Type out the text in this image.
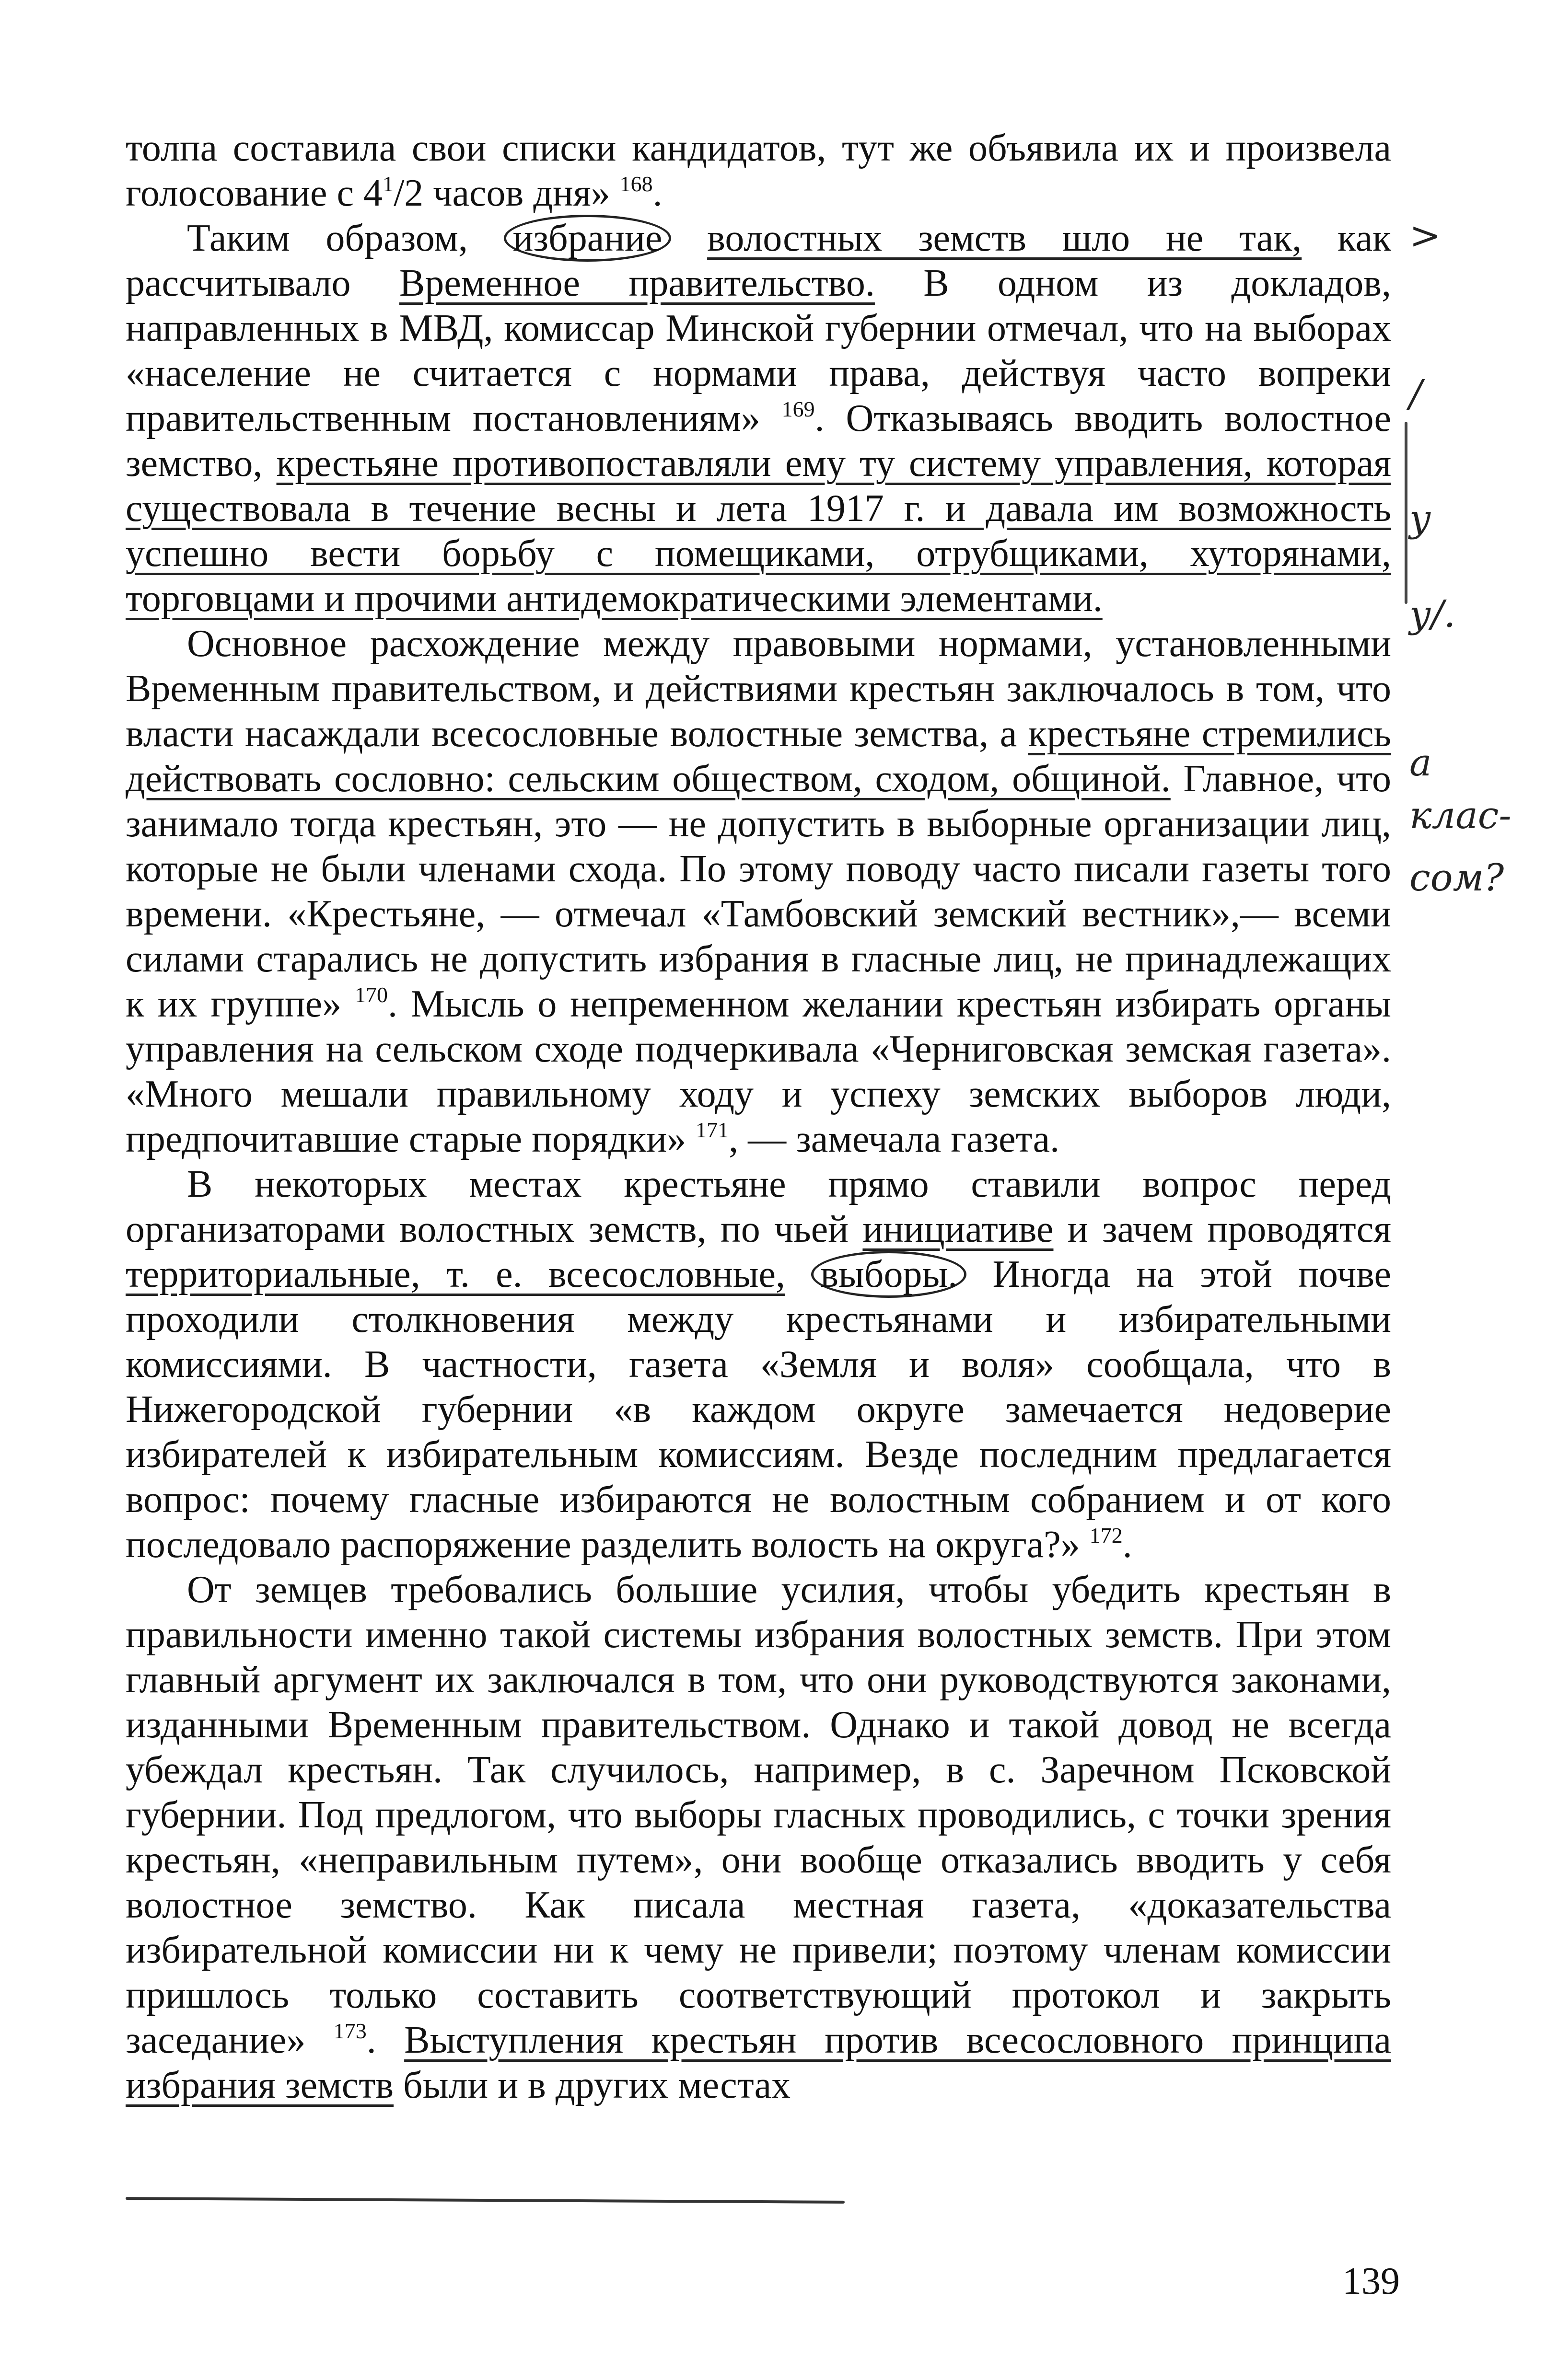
толпа составила свои списки кандидатов, тут же объявила их и произвела голосование с $4^1/2$ часов дня» $^{168}$.

Таким образом, избрание волостных земств шло не так, как рассчитывало Временное правительство. В одном из докладов, направленных в МВД, комиссар Минской губернии отмечал, что на выборах «население не считается с нормами права, действуя часто вопреки правительственным постановлениям» $^{169}$. Отказываясь вводить волостное земство, крестьяне противопоставляли ему ту систему управления, которая существовала в течение весны и лета 1917 г. и давала им возможность успешно вести борьбу с помещиками, отрубщиками, хуторянами, торговцами и прочими антидемократическими элементами.

Основное расхождение между правовыми нормами, установленными Временным правительством, и действиями крестьян заключалось в том, что власти насаждали всесословные волостные земства, а крестьяне стремились действовать сословно: сельским обществом, сходом, общиной. Главное, что занимало тогда крестьян, это — не допустить в выборные организации лиц, которые не были членами схода. По этому поводу часто писали газеты того времени. «Крестьяне, — отмечал «Тамбовский земский вестник»,— всеми силами старались не допустить избрания в гласные лиц, не принадлежащих к их группе» $^{170}$. Мысль о непременном желании крестьян избирать органы управления на сельском сходе подчеркивала «Черниговская земская газета». «Много мешали правильному ходу и успеху земских выборов люди, предпочитавшие старые порядки» $^{171}$, — замечала газета.

В некоторых местах крестьяне прямо ставили вопрос перед организаторами волостных земств, по чьей инициативе и зачем проводятся территориальные, т. е. всесословные, выборы. Иногда на этой почве проходили столкновения между крестьянами и избирательными комиссиями. В частности, газета «Земля и воля» сообщала, что в Нижегородской губернии «в каждом округе замечается недоверие избирателей к избирательным комиссиям. Везде последним предлагается вопрос: почему гласные избираются не волостным собранием и от кого последовало распоряжение разделить волость на округа?» $^{172}$.

От земцев требовались большие усилия, чтобы убедить крестьян в правильности именно такой системы избрания волостных земств. При этом главный аргумент их заключался в том, что они руководствуются законами, изданными Временным правительством. Однако и такой довод не всегда убеждал крестьян. Так случилось, например, в с. Заречном Псковской губернии. Под предлогом, что выборы гласных проводились, с точки зрения крестьян, «неправильным путем», они вообще отказались вводить у себя волостное земство. Как писала местная газета, «доказательства избирательной комиссии ни к чему не привели; поэтому членам комиссии пришлось только составить соответствующий протокол и закрыть заседание» $^{173}$. Выступления крестьян против всесословного принципа избрания земств были и в других местах

>
/
у
у/.
а
клас-
сом?
139
